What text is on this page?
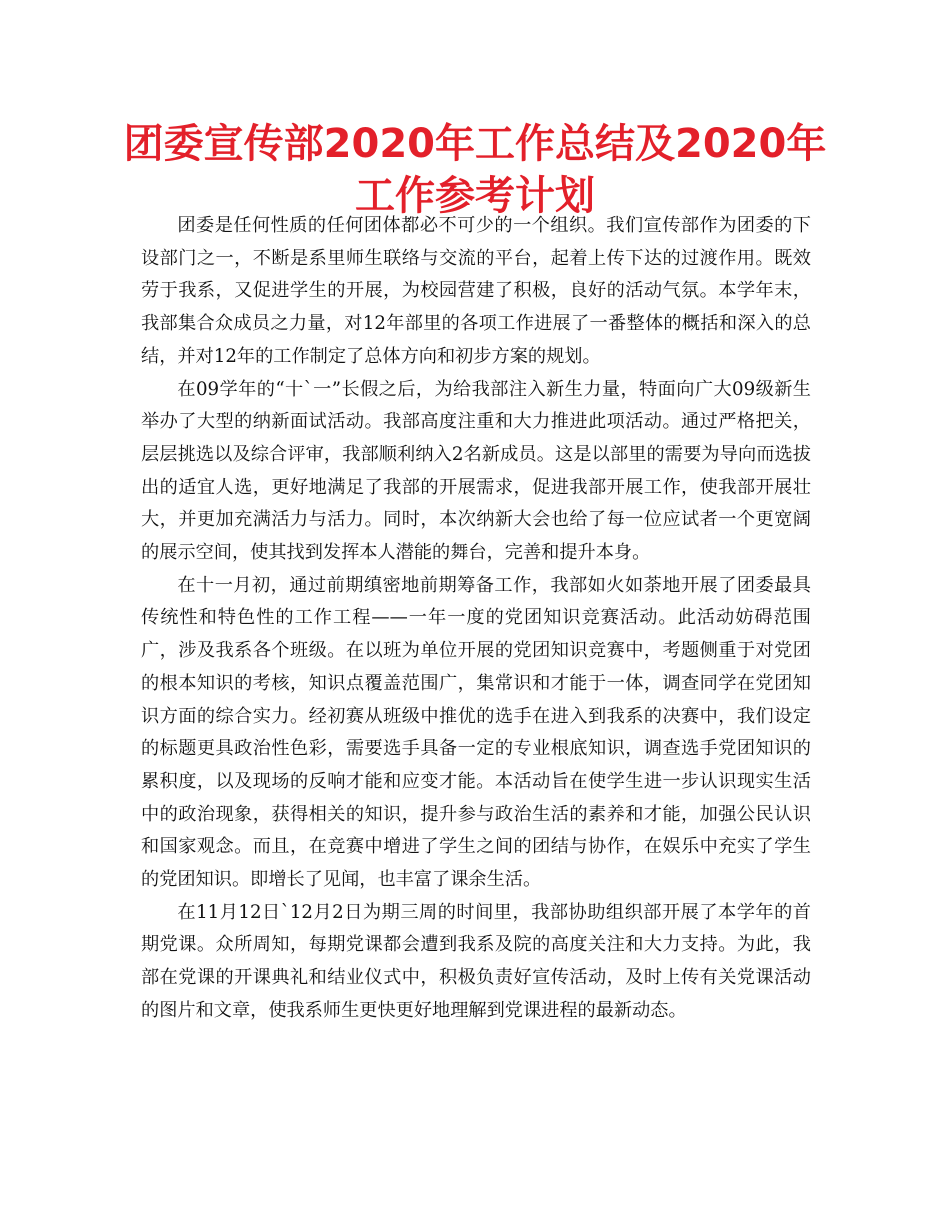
团委宣传部2020年工作总结及2020年工作参考计划

团委是任何性质的任何团体都必不可少的一个组织。我们宣传部作为团委的下设部门之一，不断是系里师生联络与交流的平台，起着上传下达的过渡作用。既效劳于我系，又促进学生的开展，为校园营建了积极，良好的活动气氛。本学年末，我部集合众成员之力量，对12年部里的各项工作进展了一番整体的概括和深入的总结，并对12年的工作制定了总体方向和初步方案的规划。

在09学年的“十`一”长假之后，为给我部注入新生力量，特面向广大09级新生举办了大型的纳新面试活动。我部高度注重和大力推进此项活动。通过严格把关，层层挑选以及综合评审，我部顺利纳入2名新成员。这是以部里的需要为导向而选拔出的适宜人选，更好地满足了我部的开展需求，促进我部开展工作，使我部开展壮大，并更加充满活力与活力。同时，本次纳新大会也给了每一位应试者一个更宽阔的展示空间，使其找到发挥本人潜能的舞台，完善和提升本身。

在十一月初，通过前期缜密地前期筹备工作，我部如火如荼地开展了团委最具传统性和特色性的工作工程——一年一度的党团知识竞赛活动。此活动妨碍范围广，涉及我系各个班级。在以班为单位开展的党团知识竞赛中，考题侧重于对党团的根本知识的考核，知识点覆盖范围广，集常识和才能于一体，调查同学在党团知识方面的综合实力。经初赛从班级中推优的选手在进入到我系的决赛中，我们设定的标题更具政治性色彩，需要选手具备一定的专业根底知识，调查选手党团知识的累积度，以及现场的反响才能和应变才能。本活动旨在使学生进一步认识现实生活中的政治现象，获得相关的知识，提升参与政治生活的素养和才能，加强公民认识和国家观念。而且，在竞赛中增进了学生之间的团结与协作，在娱乐中充实了学生的党团知识。即增长了见闻，也丰富了课余生活。

在11月12日`12月2日为期三周的时间里，我部协助组织部开展了本学年的首期党课。众所周知，每期党课都会遭到我系及院的高度关注和大力支持。为此，我部在党课的开课典礼和结业仪式中，积极负责好宣传活动，及时上传有关党课活动的图片和文章，使我系师生更快更好地理解到党课进程的最新动态。
